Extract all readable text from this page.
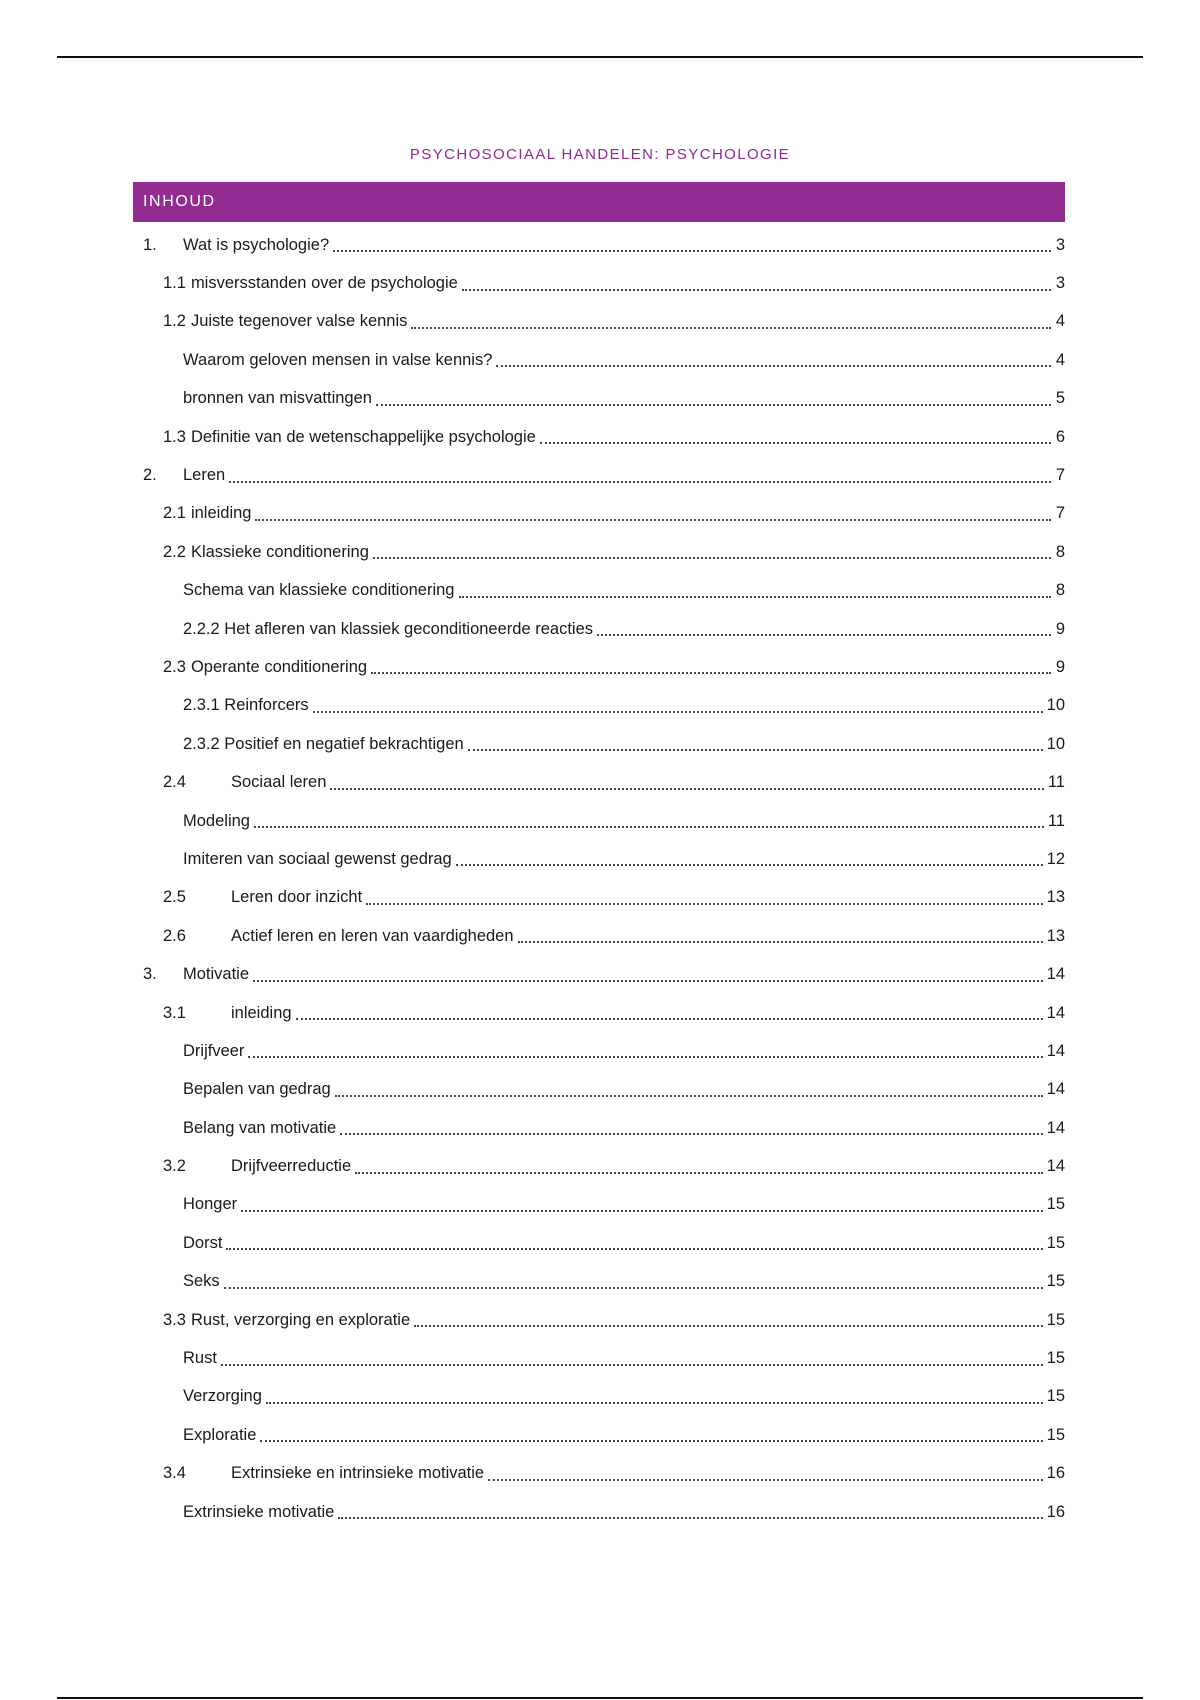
PSYCHOSOCIAAL HANDELEN: PSYCHOLOGIE
INHOUD
1.	Wat is psychologie?	3
1.1 misversstanden over de psychologie	3
1.2 Juiste tegenover valse kennis	4
Waarom geloven mensen in valse kennis?	4
bronnen van misvattingen	5
1.3 Definitie van de wetenschappelijke psychologie	6
2.	Leren	7
2.1 inleiding	7
2.2 Klassieke conditionering	8
Schema van klassieke conditionering	8
2.2.2 Het afleren van klassiek geconditioneerde reacties	9
2.3 Operante conditionering	9
2.3.1 Reinforcers	10
2.3.2 Positief en negatief bekrachtigen	10
2.4	Sociaal leren	11
Modeling	11
Imiteren van sociaal gewenst gedrag	12
2.5	Leren door inzicht	13
2.6	Actief leren en leren van vaardigheden	13
3.	Motivatie	14
3.1	inleiding	14
Drijfveer	14
Bepalen van gedrag	14
Belang van motivatie	14
3.2	Drijfveerreductie	14
Honger	15
Dorst	15
Seks	15
3.3 Rust, verzorging en exploratie	15
Rust	15
Verzorging	15
Exploratie	15
3.4	Extrinsieke en intrinsieke motivatie	16
Extrinsieke motivatie	16
